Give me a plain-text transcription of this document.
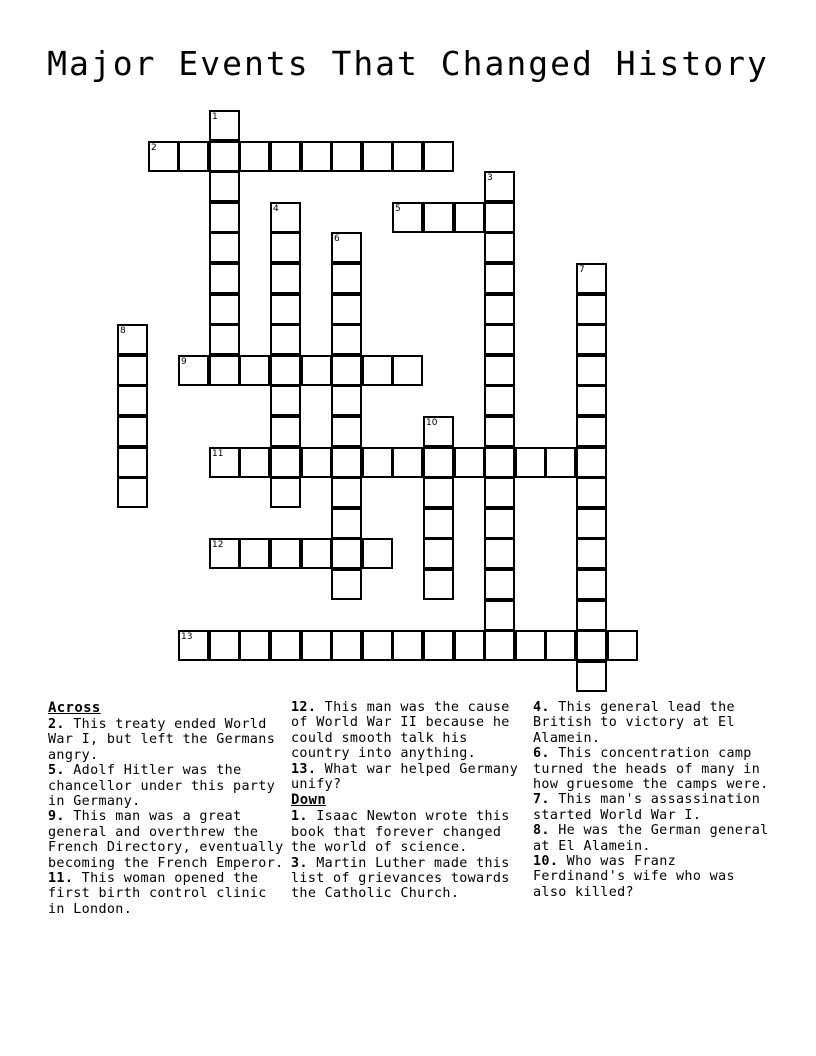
Major Events That Changed History
2
5
9
11
12
13
1
3
4
6
7
8
10

Across

2. This treaty ended World War I, but left the Germans angry.

5. Adolf Hitler was the chancellor under this party in Germany.

9. This man was a great general and overthrew the French Directory, eventually becoming the French Emperor.

11. This woman opened the first birth control clinic in London.

12. This man was the cause of World War II because he could smooth talk his country into anything.

13. What war helped Germany unify?

Down

1. Isaac Newton wrote this book that forever changed the world of science.

3. Martin Luther made this list of grievances towards the Catholic Church.

4. This general lead the British to victory at El Alamein.

6. This concentration camp turned the heads of many in how gruesome the camps were.

7. This man's assassination started World War I.

8. He was the German general at El Alamein.

10. Who was Franz Ferdinand's wife who was also killed?
